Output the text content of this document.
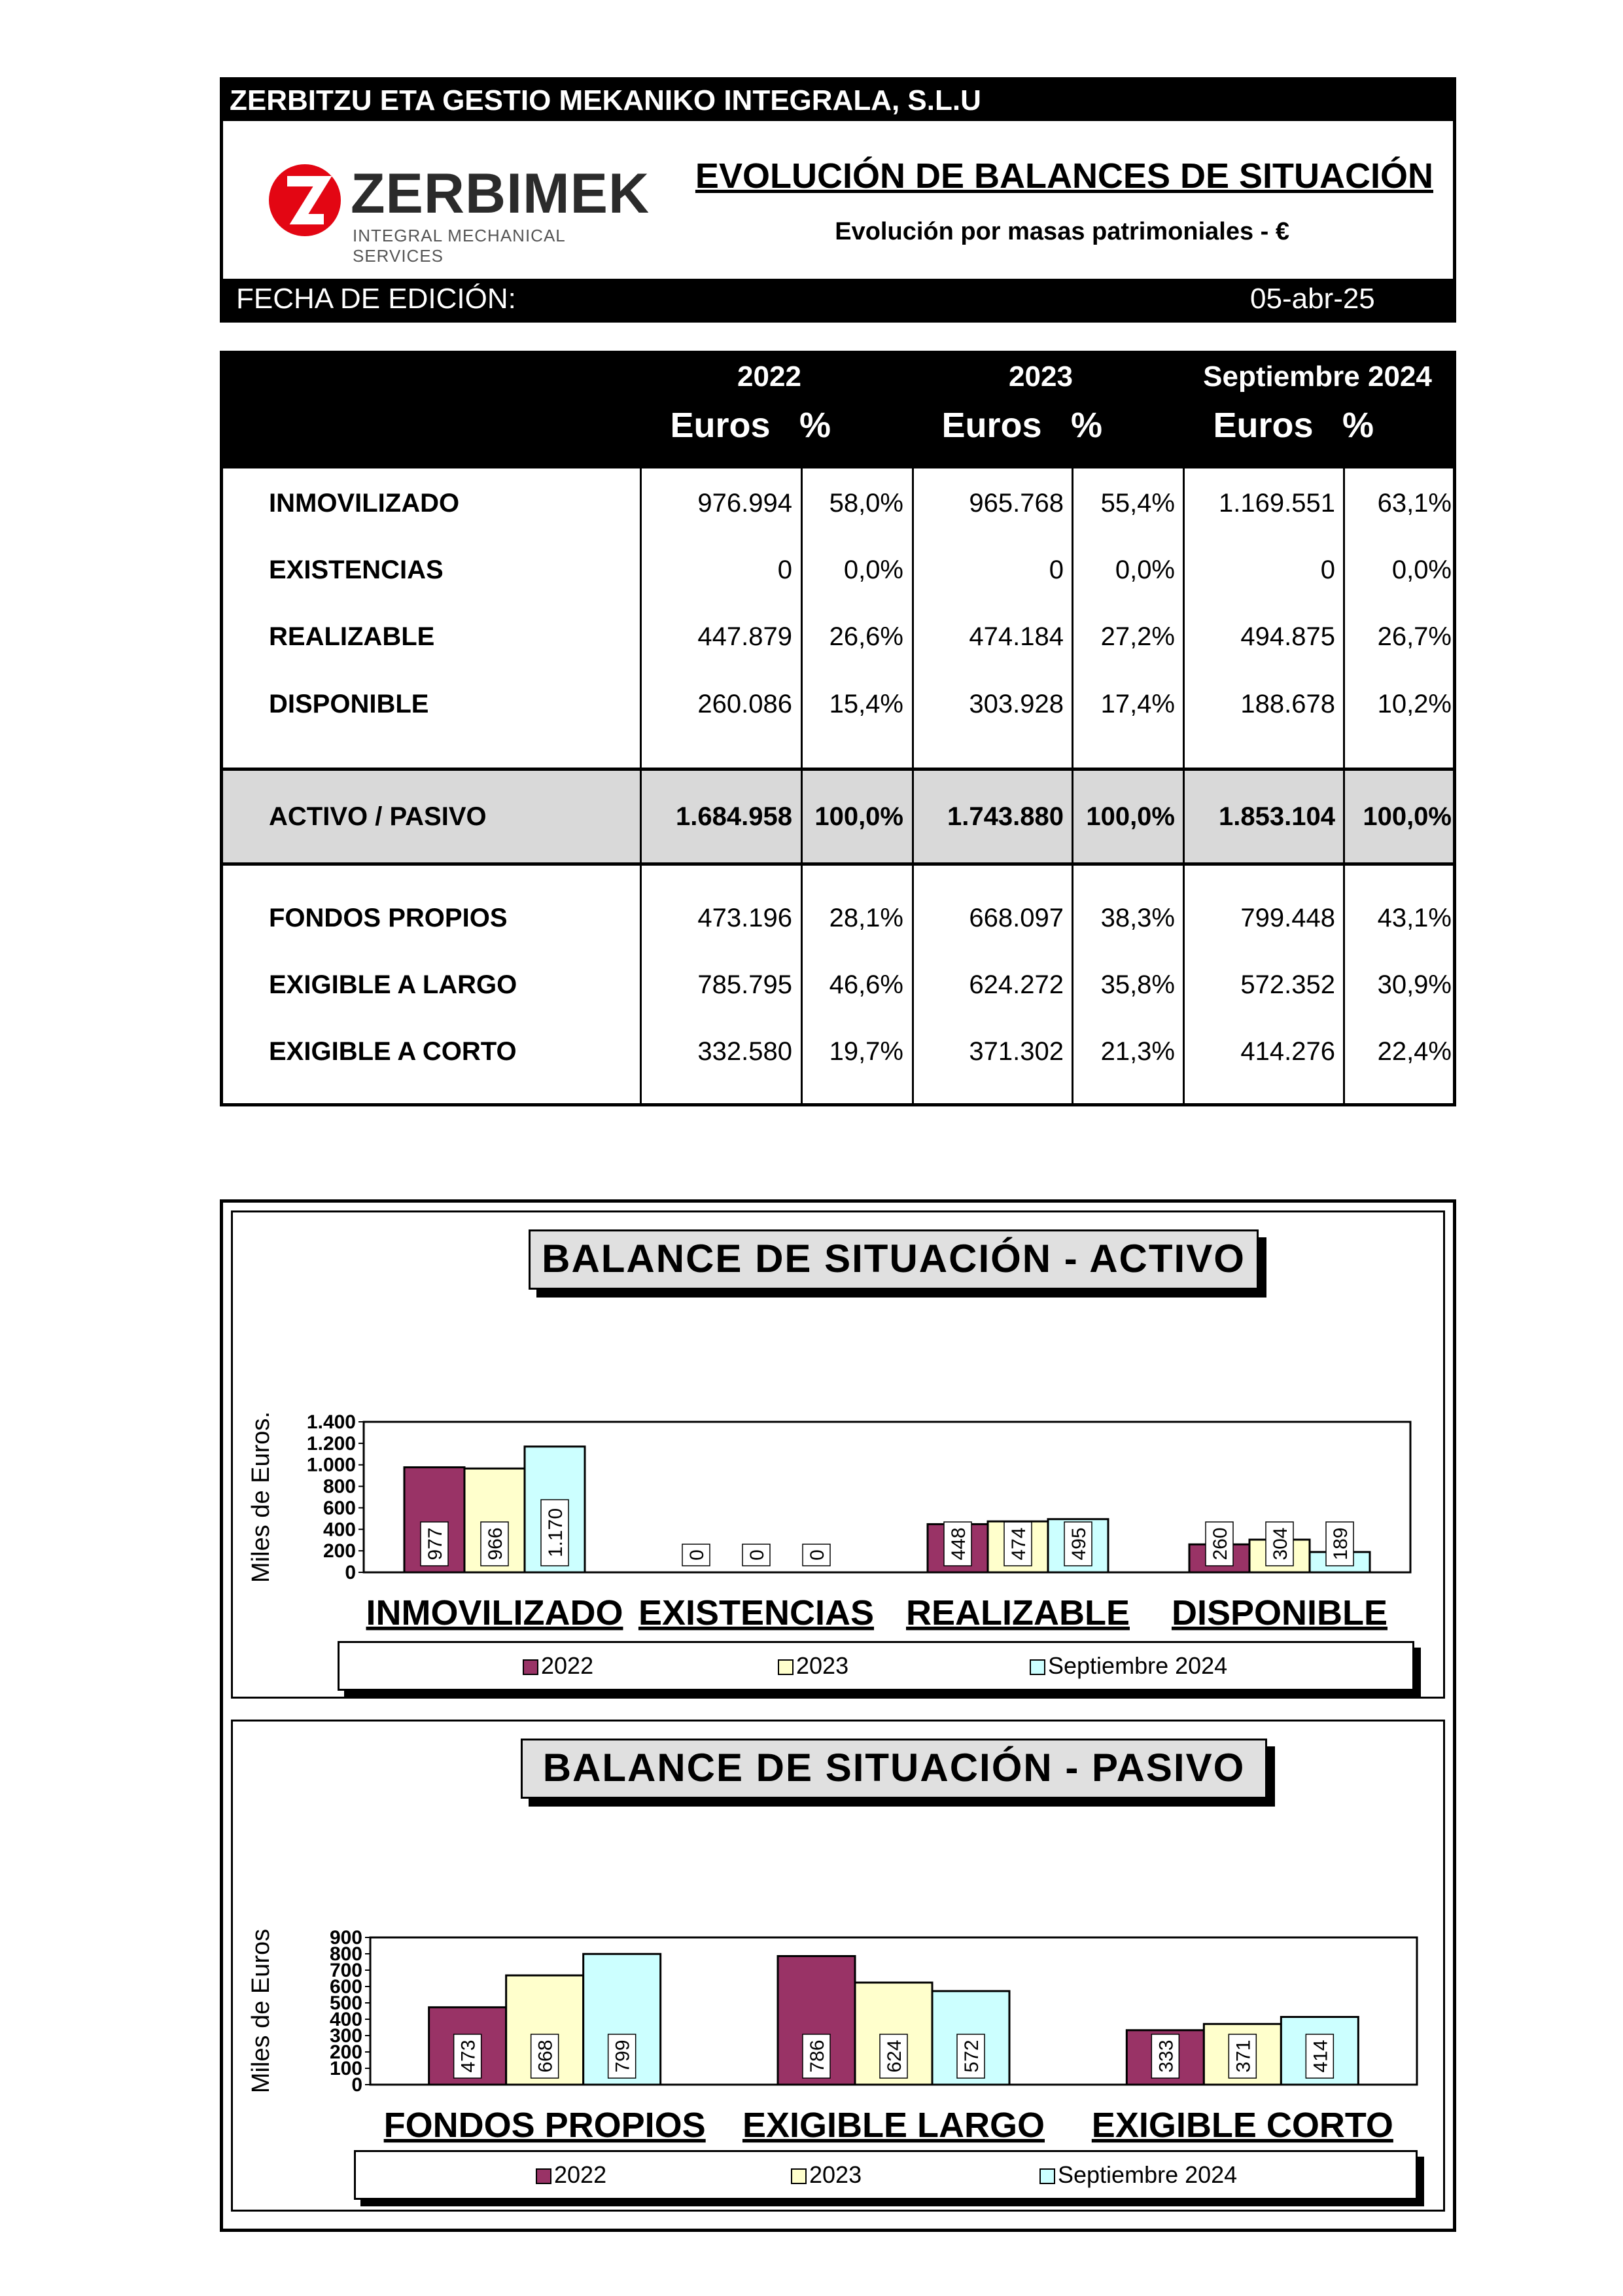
ZERBITZU ETA GESTIO MEKANIKO INTEGRALA, S.L.U
ZERBIMEK
INTEGRAL MECHANICAL SERVICES
EVOLUCIÓN DE BALANCES DE SITUACIÓN
Evolución por masas patrimoniales - €
FECHA DE EDICIÓN:	05-abr-25
2022	2023	Septiembre 2024
Euros %	Euros %	Euros %
INMOVILIZADO	976.994	58,0%	965.768	55,4%	1.169.551	63,1%
EXISTENCIAS	0	0,0%	0	0,0%	0	0,0%
REALIZABLE	447.879	26,6%	474.184	27,2%	494.875	26,7%
DISPONIBLE	260.086	15,4%	303.928	17,4%	188.678	10,2%
ACTIVO / PASIVO	1.684.958 100,0%	1.743.880 100,0%	1.853.104	100,0%
FONDOS PROPIOS	473.196	28,1%	668.097	38,3%	799.448	43,1%
EXIGIBLE A LARGO	785.795	46,6%	624.272	35,8%	572.352	30,9%
EXIGIBLE A CORTO	332.580	19,7%	371.302	21,3%	414.276	22,4%
BALANCE DE SITUACIÓN - ACTIVO
0
200
400
600
800
1.000
1.200
1.400
Miles de Euros.	977 966 1.170
INMOVILIZADO
0 0 0
EXISTENCIAS
448 474 495
REALIZABLE
260 304 189
DISPONIBLE
2022	2023	Septiembre 2024
BALANCE DE SITUACIÓN - PASIVO
0
100
200
300
400
500
600
700
800
900
Miles de Euros	473	668	799
FONDOS PROPIOS
786	624	572
EXIGIBLE LARGO
333	371	414
EXIGIBLE CORTO
2022	2023	Septiembre 2024
